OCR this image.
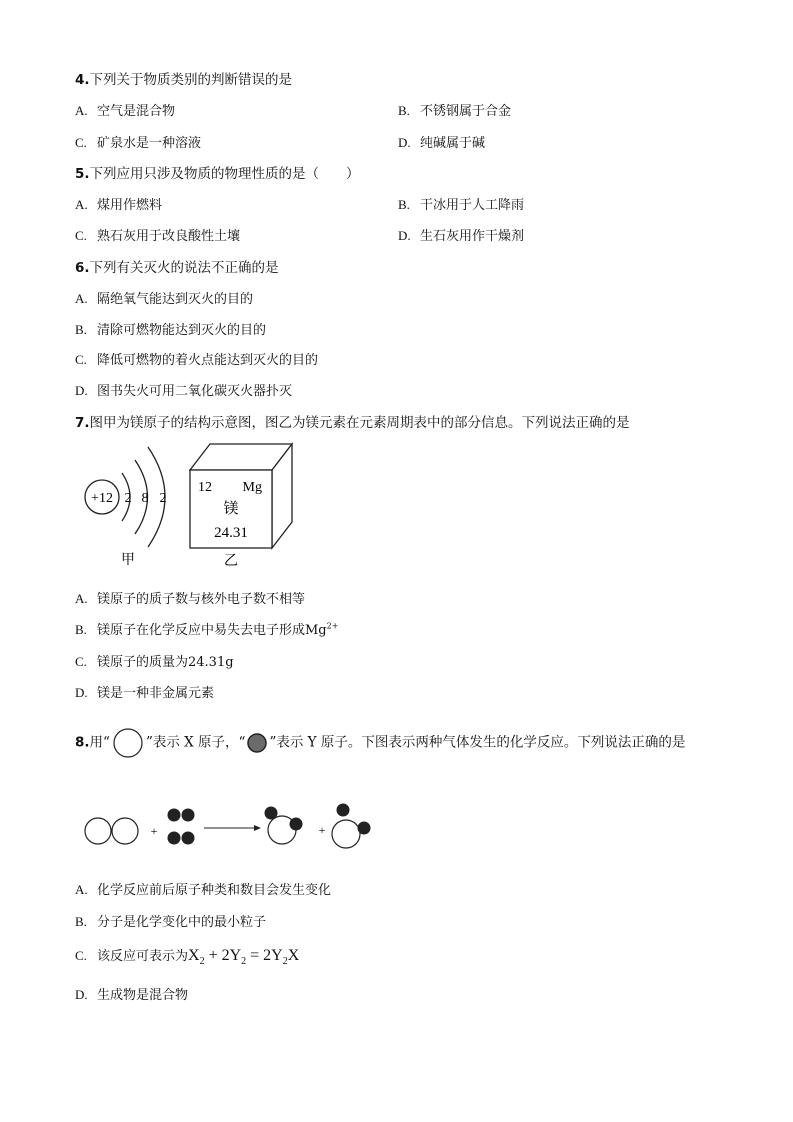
4.下列关于物质类别的判断错误的是
A. 空气是混合物	B. 不锈钢属于合金
C. 矿泉水是一种溶液	D. 纯碱属于碱
5.下列应用只涉及物质的物理性质的是（　　）
A. 煤用作燃料	B. 干冰用于人工降雨
C. 熟石灰用于改良酸性土壤	D. 生石灰用作干燥剂
6.下列有关灭火的说法不正确的是
A. 隔绝氧气能达到灭火的目的
B. 清除可燃物能达到灭火的目的
C. 降低可燃物的着火点能达到灭火的目的
D. 图书失火可用二氧化碳灭火器扑灭
7.图甲为镁原子的结构示意图，图乙为镁元素在元素周期表中的部分信息。下列说法正确的是
+12 2 8 2
甲
12 Mg
镁
24.31
乙
A. 镁原子的质子数与核外电子数不相等
B. 镁原子在化学反应中易失去电子形成$Mg^{2+}$
C. 镁原子的质量为24.31g
D. 镁是一种非金属元素
8.用“	”表示 X 原子，“ ”表示 Y 原子。下图表示两种气体发生的化学反应。下列说法正确的是
+	+
A. 化学反应前后原子种类和数目会发生变化
B. 分子是化学变化中的最小粒子
C. 该反应可表示为$X_2 + 2Y_2 = 2Y_2X$
D. 生成物是混合物
